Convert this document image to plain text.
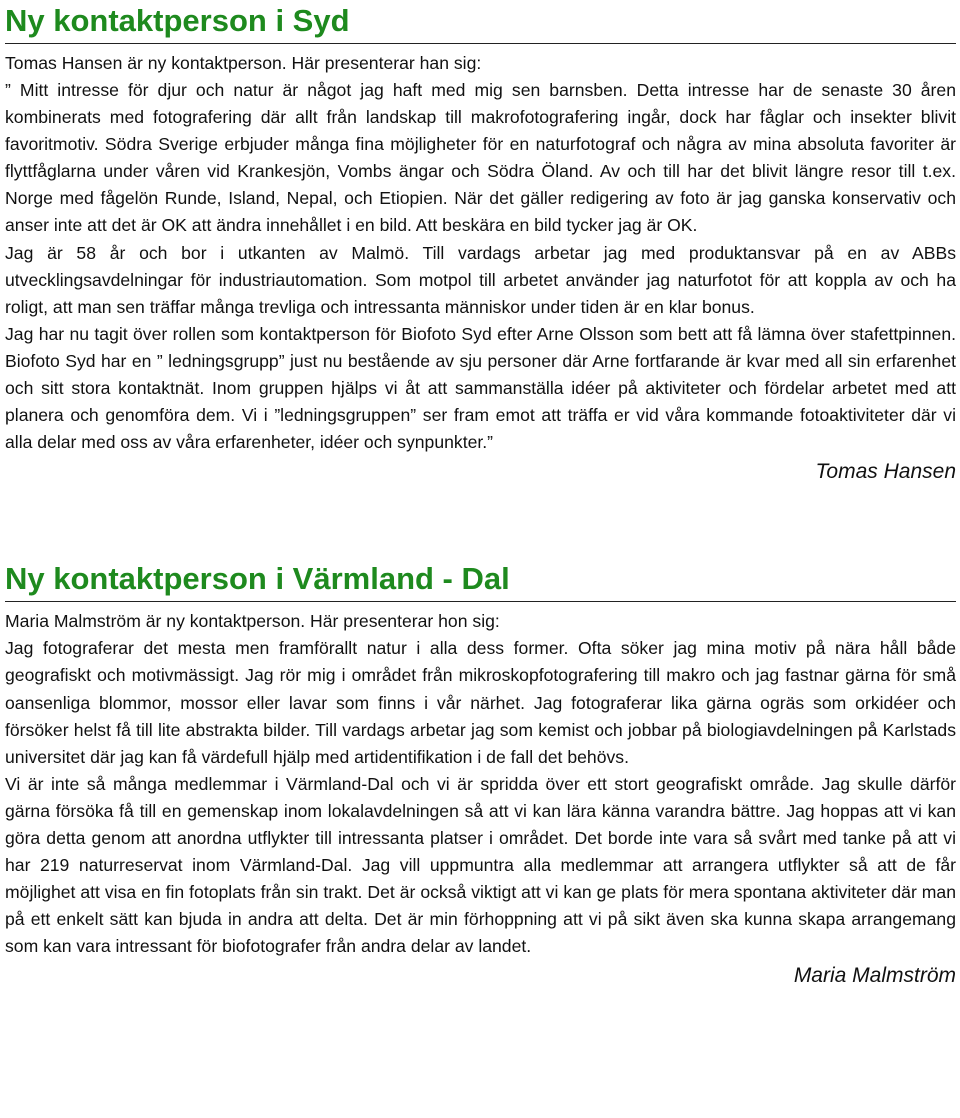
Ny kontaktperson i Syd

Tomas Hansen är ny kontaktperson. Här presenterar han sig:

” Mitt intresse för djur och natur är något jag haft med mig sen barnsben. Detta intresse har de senaste 30 åren kombinerats med fotografering där allt från landskap till makrofotografering ingår, dock har fåglar och insekter blivit favoritmotiv. Södra Sverige erbjuder många fina möjligheter för en naturfotograf och några av mina absoluta favoriter är flyttfåglarna under våren vid Krankesjön, Vombs ängar och Södra Öland. Av och till har det blivit längre resor till t.ex. Norge med fågelön Runde, Island, Nepal, och Etiopien. När det gäller redigering av foto är jag ganska konservativ och anser inte att det är OK att ändra innehållet i en bild. Att beskära en bild tycker jag är OK.

Jag är 58 år och bor i utkanten av Malmö. Till vardags arbetar jag med produktansvar på en av ABBs utvecklingsavdelningar för industriautomation. Som motpol till arbetet använder jag naturfotot för att koppla av och ha roligt, att man sen träffar många trevliga och intressanta människor under tiden är en klar bonus.

Jag har nu tagit över rollen som kontaktperson för Biofoto Syd efter Arne Olsson som bett att få lämna över stafettpinnen. Biofoto Syd har en ” ledningsgrupp” just nu bestående av sju personer där Arne fortfarande är kvar med all sin erfarenhet och sitt stora kontaktnät. Inom gruppen hjälps vi åt att sammanställa idéer på aktiviteter och fördelar arbetet med att planera och genomföra dem. Vi i ”ledningsgruppen” ser fram emot att träffa er vid våra kommande fotoaktiviteter där vi alla delar med oss av våra erfarenheter, idéer och synpunkter.”

Tomas Hansen

Ny kontaktperson i Värmland - Dal

Maria Malmström är ny kontaktperson. Här presenterar hon sig:

Jag fotograferar det mesta men framförallt natur i alla dess former. Ofta söker jag mina motiv på nära håll både geografiskt och motivmässigt. Jag rör mig i området från mikroskopfotografering till makro och jag fastnar gärna för små oansenliga blommor, mossor eller lavar som finns i vår närhet. Jag fotograferar lika gärna ogräs som orkidéer och försöker helst få till lite abstrakta bilder. Till vardags arbetar jag som kemist och jobbar på biologiavdelningen på Karlstads universitet där jag kan få värdefull hjälp med artidentifikation i de fall det behövs.

Vi är inte så många medlemmar i Värmland-Dal och vi är spridda över ett stort geografiskt område. Jag skulle därför gärna försöka få till en gemenskap inom lokalavdelningen så att vi kan lära känna varandra bättre. Jag hoppas att vi kan göra detta genom att anordna utflykter till intressanta platser i området. Det borde inte vara så svårt med tanke på att vi har 219 naturreservat inom Värmland-Dal. Jag vill uppmuntra alla medlemmar att arrangera utflykter så att de får möjlighet att visa en fin fotoplats från sin trakt. Det är också viktigt att vi kan ge plats för mera spontana aktiviteter där man på ett enkelt sätt kan bjuda in andra att delta. Det är min förhoppning att vi på sikt även ska kunna skapa arrangemang som kan vara intressant för biofotografer från andra delar av landet.

Maria Malmström
